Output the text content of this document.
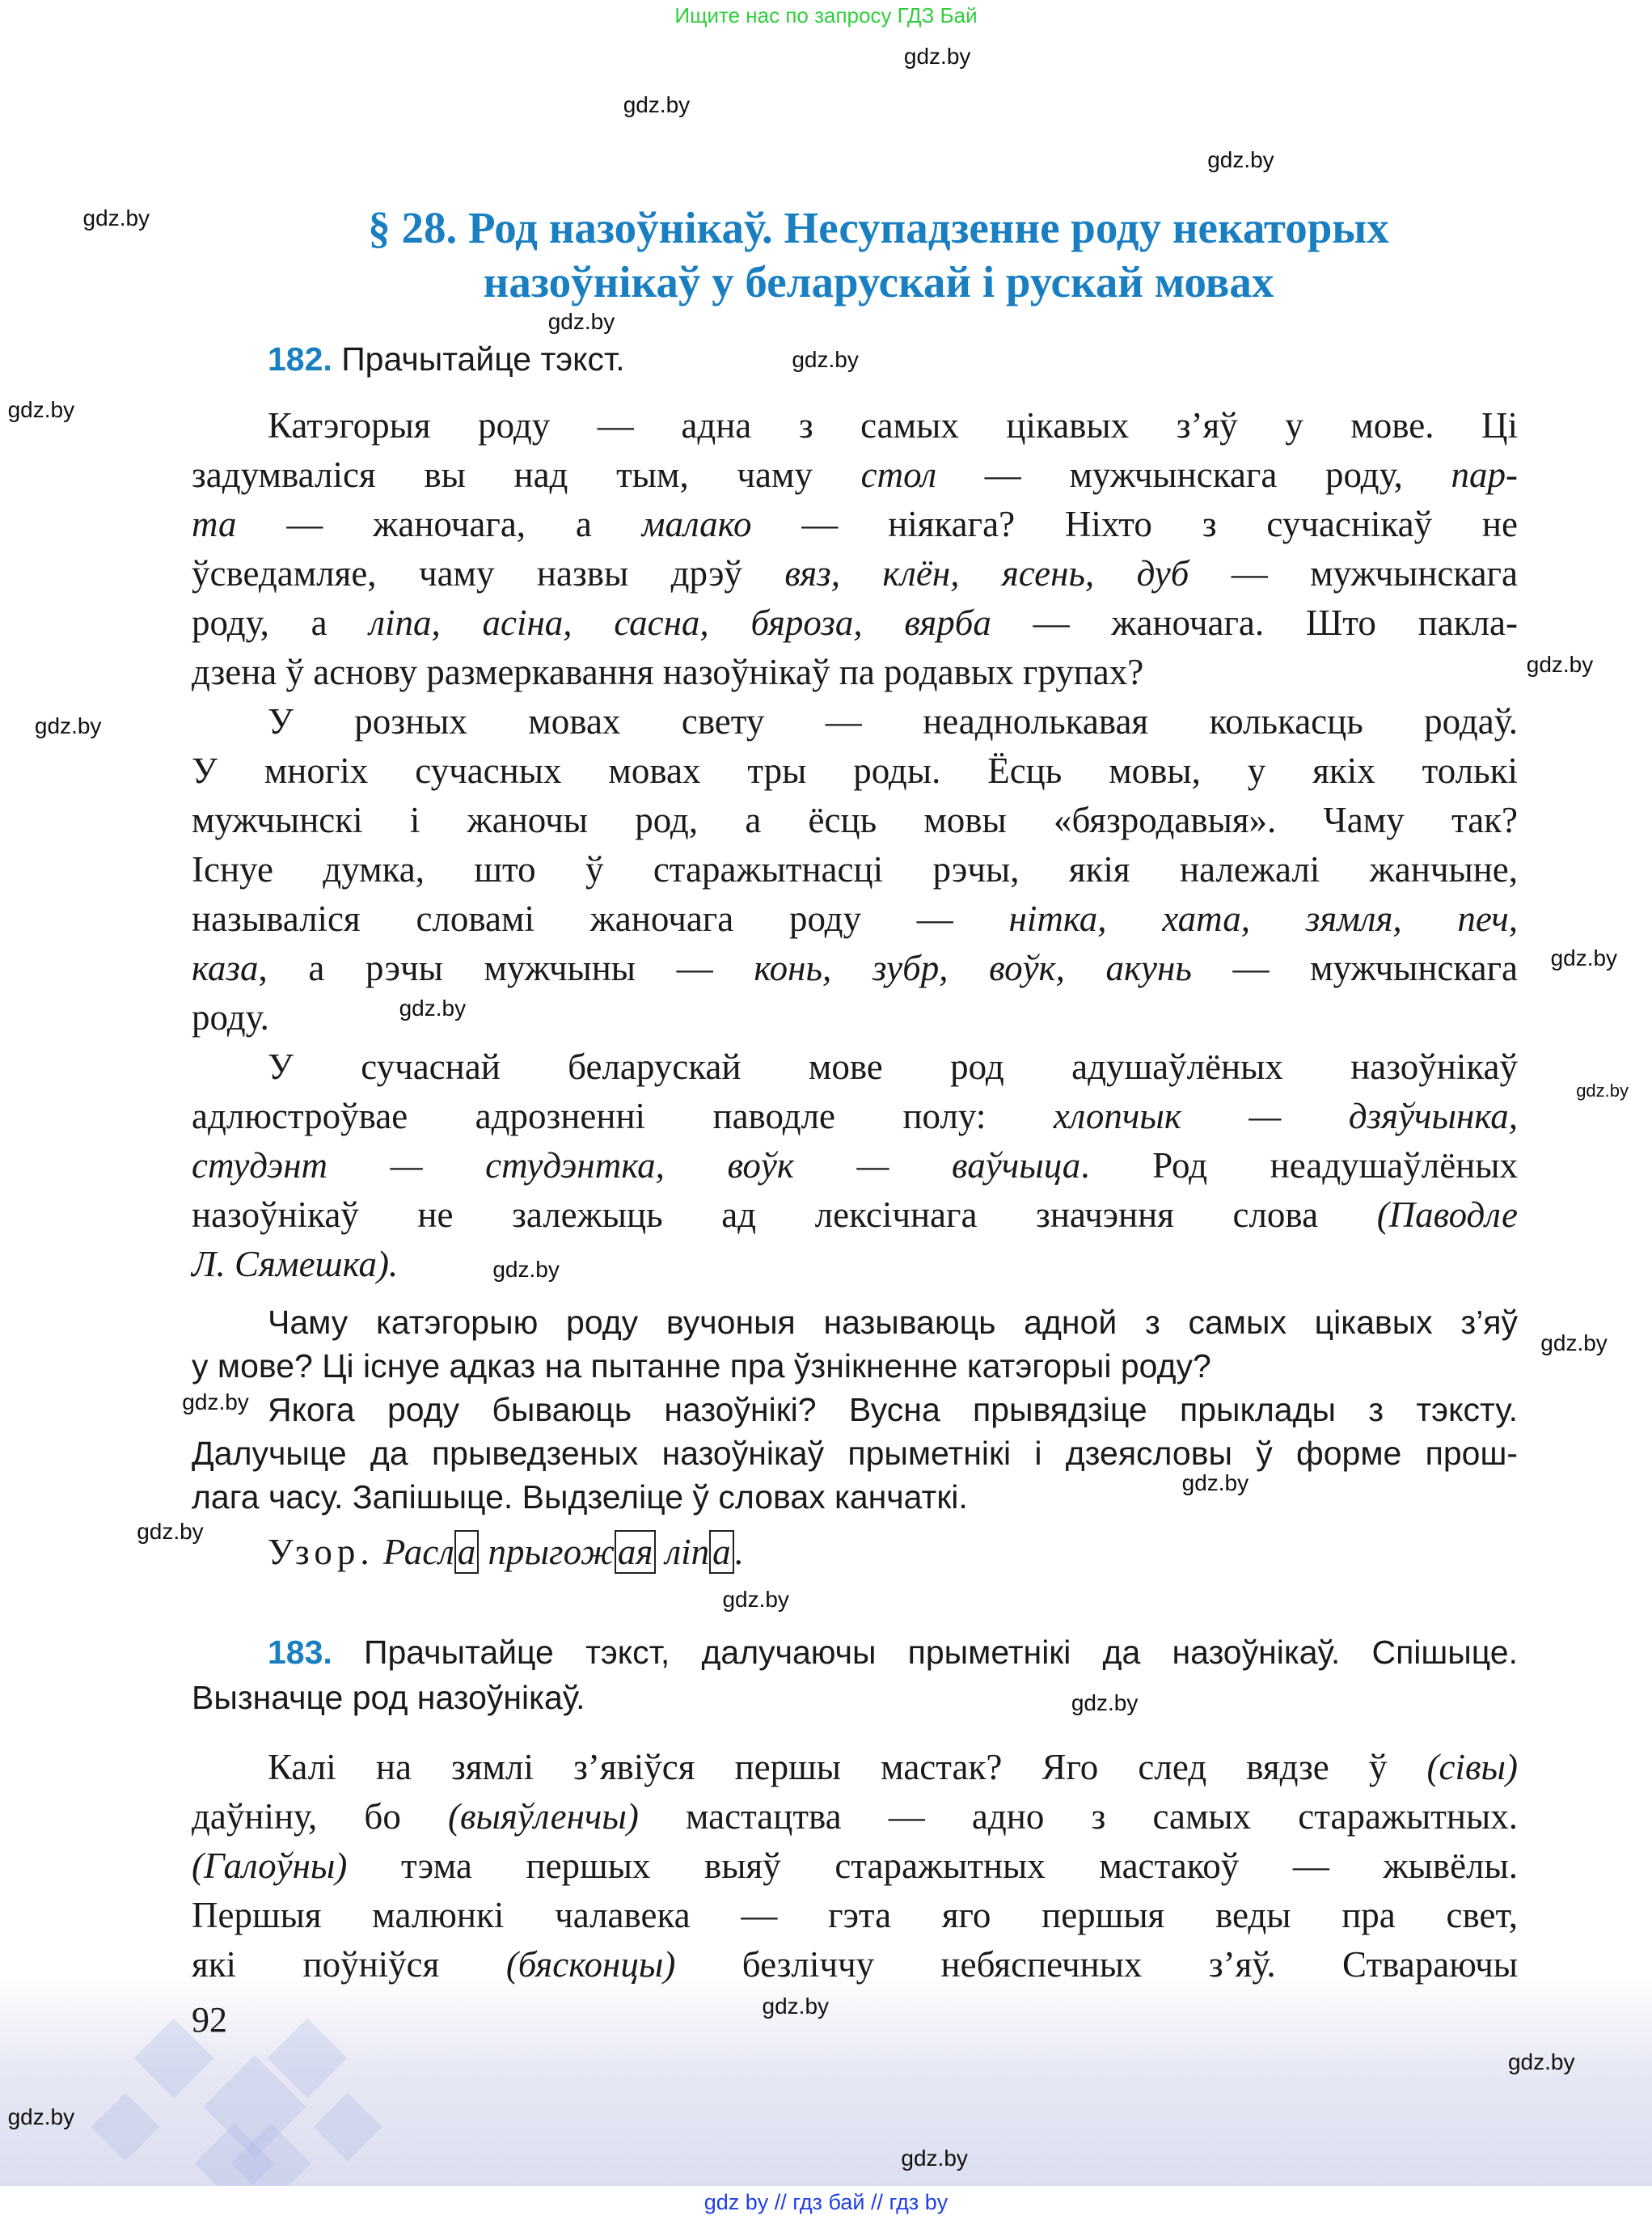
Ищите нас по запросу ГДЗ Бай
§ 28. Род назоўнікаў. Несупадзенне роду некаторых
назоўнікаў у беларускай і рускай мовах
182. Прачытайце тэкст.
Катэгорыя роду — адна з самых цікавых з’яў у мове. Ці
задумваліся вы над тым, чаму стол — мужчынскага роду, пар-
та — жаночага, а малако — ніякага? Ніхто з сучаснікаў не
ўсведамляе, чаму назвы дрэў вяз, клён, ясень, дуб — мужчынскага
роду, а ліпа, асіна, сасна, бяроза, вярба — жаночага. Што пакла-
дзена ў аснову размеркавання назоўнікаў па родавых групах?
У розных мовах свету — неаднолькавая колькасць родаў.
У многіх сучасных мовах тры роды. Ёсць мовы, у якіх толькі
мужчынскі і жаночы род, а ёсць мовы «бязродавыя». Чаму так?
Існуе думка, што ў старажытнасці рэчы, якія належалі жанчыне,
называліся словамі жаночага роду — нітка, хата, зямля, печ,
каза, а рэчы мужчыны — конь, зубр, воўк, акунь — мужчынскага
роду.
У сучаснай беларускай мове род адушаўлёных назоўнікаў
адлюстроўвае адрозненні паводле полу: хлопчык — дзяўчынка,
студэнт — студэнтка, воўк — ваўчыца. Род неадушаўлёных
назоўнікаў не залежыць ад лексічнага значэння слова (Паводле
Л. Сямешка).
Чаму катэгорыю роду вучоныя называюць адной з самых цікавых з’яў
у мове? Ці існуе адказ на пытанне пра ўзнікненне катэгорыі роду?
Якога роду бываюць назоўнікі? Вусна прывядзіце прыклады з тэксту.
Далучыце да прыведзеных назоўнікаў прыметнікі і дзеясловы ў форме прош-
лага часу. Запішыце. Выдзеліце ў словах канчаткі.
Узор. Расла прыгожая ліпа.
183. Прачытайце тэкст, далучаючы прыметнікі да назоўнікаў. Спішыце.
Вызначце род назоўнікаў.
Калі на зямлі з’явіўся першы мастак? Яго след вядзе ў (сівы)
даўніну, бо (выяўленчы) мастацтва — адно з самых старажытных.
(Галоўны) тэма першых выяў старажытных мастакоў — жывёлы.
Першыя малюнкі чалавека — гэта яго першыя веды пра свет,
які поўніўся (бясконцы) безліччу небяспечных з’яў. Ствараючы
92
gdz by // гдз бай // гдз by
gdz.by
gdz.by
gdz.by
gdz.by
gdz.by
gdz.by
gdz.by
gdz.by
gdz.by
gdz.by
gdz.by
gdz.by
gdz.by
gdz.by
gdz.by
gdz.by
gdz.by
gdz.by
gdz.by
gdz.by
gdz.by
gdz.by
gdz.by
